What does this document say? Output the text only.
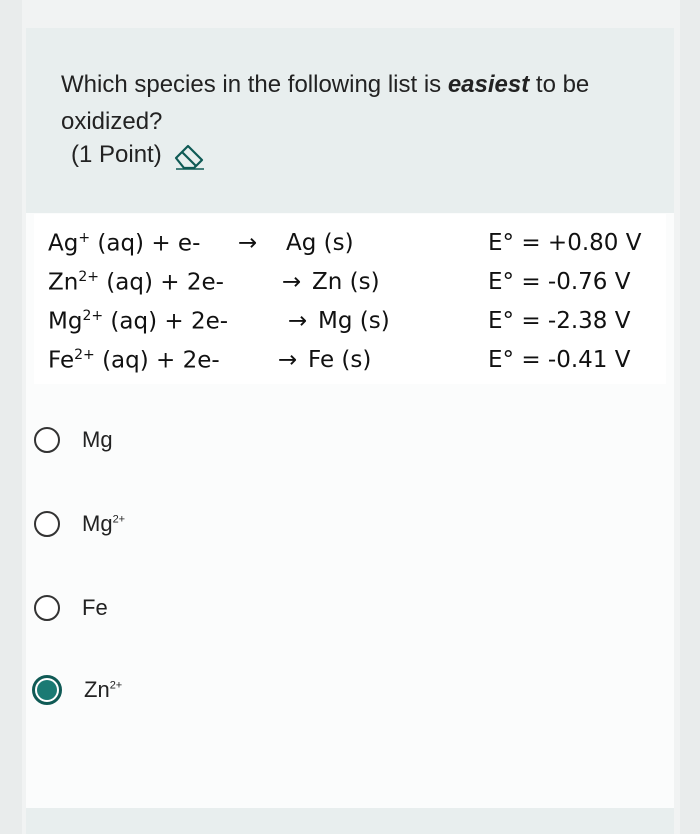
Which species in the following list is easiest to be oxidized?
(1 Point)
Ag+ (aq) + e- → Ag (s)	E° = +0.80 V
$Zn^{2+}$ (aq) + 2e-	→ Zn (s)	E° = -0.76 V
$Mg^{2+}$ (aq) + 2e-	→ Mg (s)	E° = -2.38 V
$Fe^{2+}$ (aq) + 2e-	→ Fe (s)	E° = -0.41 V
Mg
$Mg^{2+}$
Fe
$Zn^{2+}$
